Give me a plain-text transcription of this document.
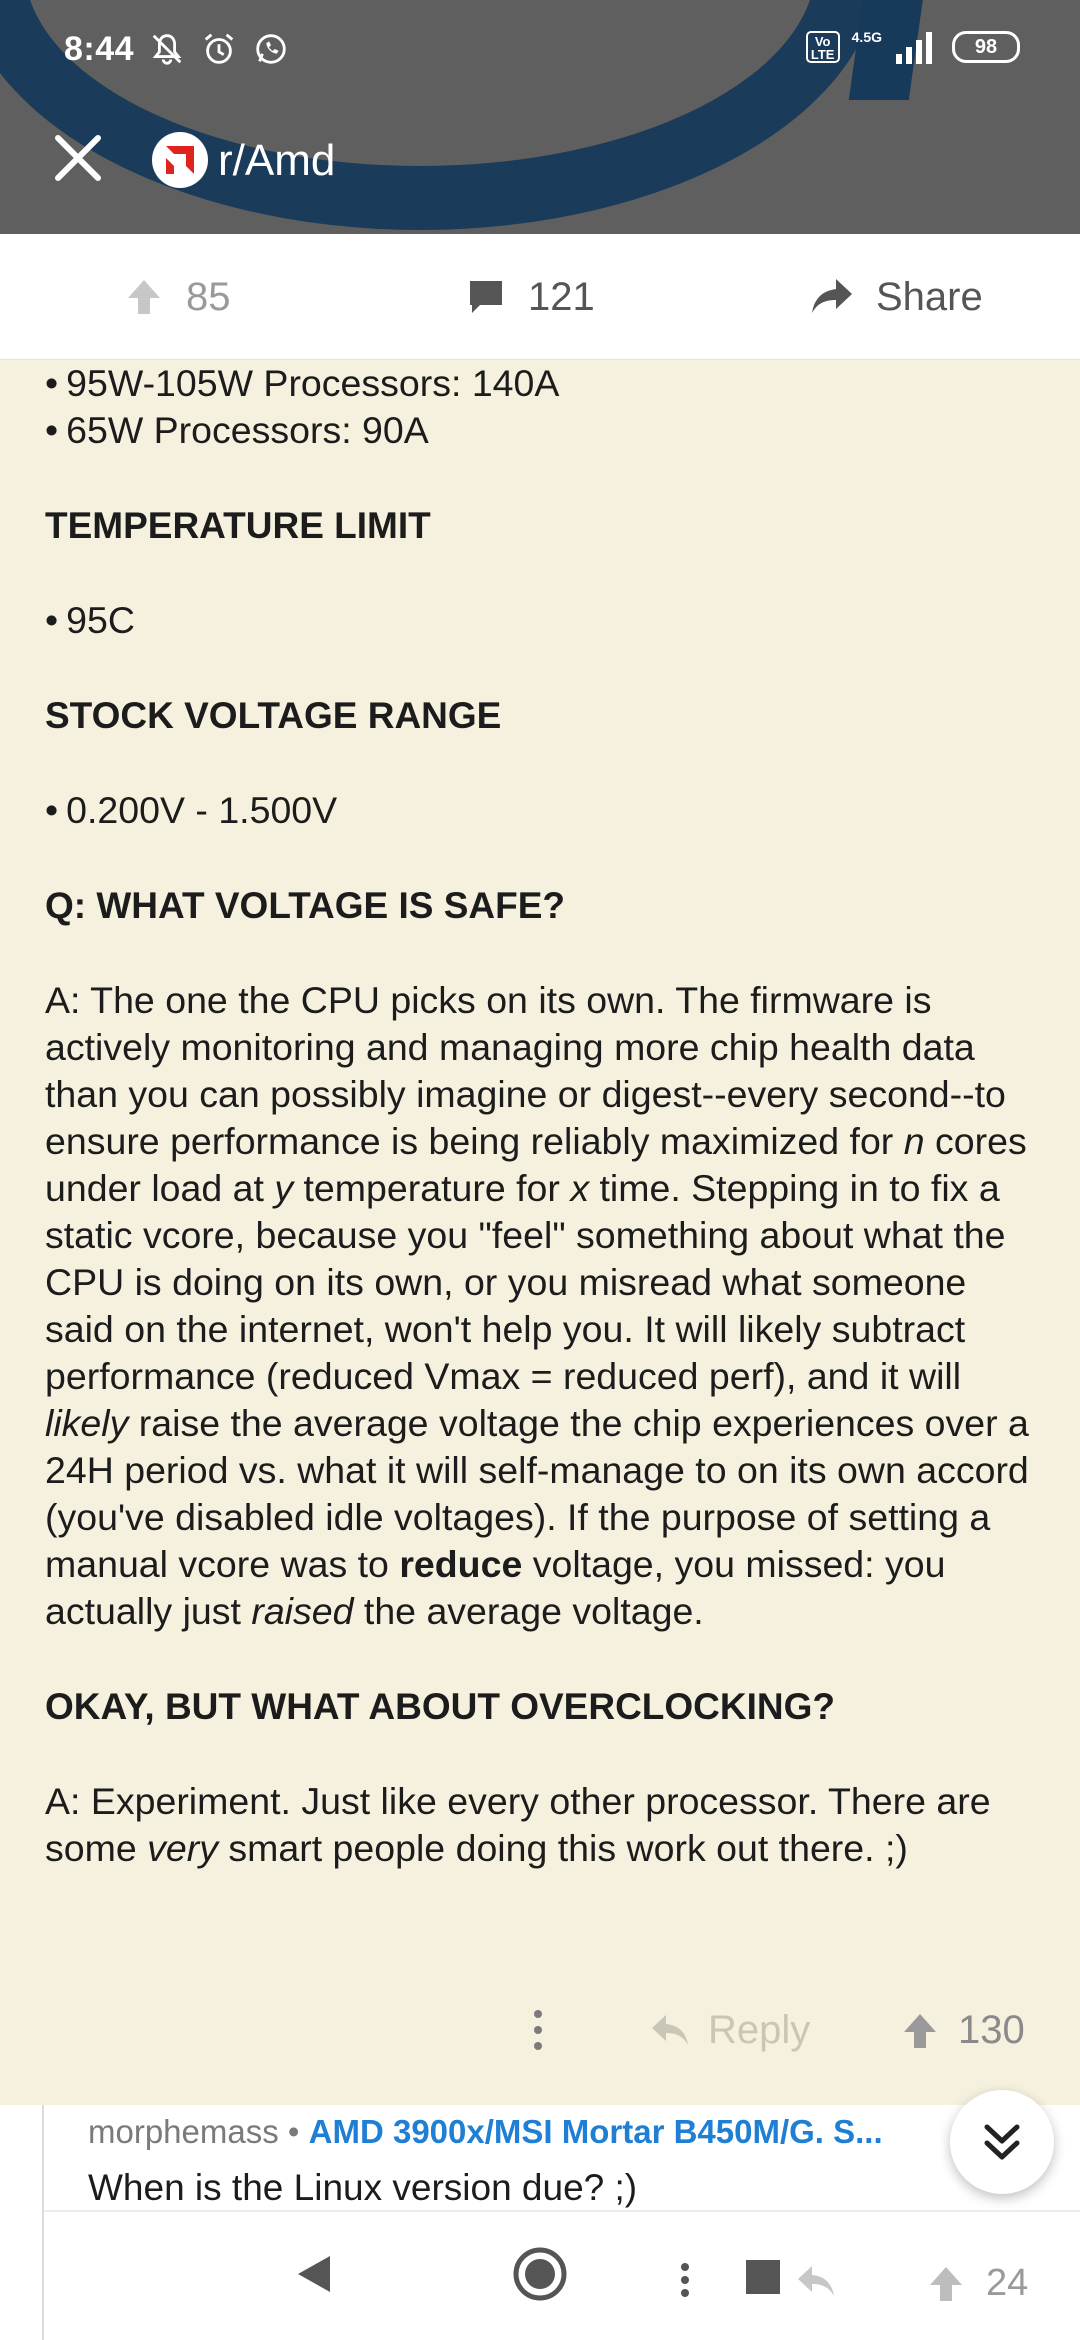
8:44	Vo LTE
4.5G	98
r/Amd
85	121	Share

• 95W-105W Processors: 140A

• 65W Processors: 90A

TEMPERATURE LIMIT

• 95C

STOCK VOLTAGE RANGE

• 0.200V - 1.500V

Q: WHAT VOLTAGE IS SAFE?

A: The one the CPU picks on its own. The firmware is actively monitoring and managing more chip health data than you can possibly imagine or digest--every second--to ensure performance is being reliably maximized for n cores under load at y temperature for x time. Stepping in to fix a static vcore, because you "feel" something about what the CPU is doing on its own, or you misread what someone said on the internet, won't help you. It will likely subtract performance (reduced Vmax = reduced perf), and it will likely raise the average voltage the chip experiences over a 24H period vs. what it will self-manage to on its own accord (you've disabled idle voltages). If the purpose of setting a manual vcore was to reduce voltage, you missed: you actually just raised the average voltage.

OKAY, BUT WHAT ABOUT OVERCLOCKING?

A: Experiment. Just like every other processor. There are some very smart people doing this work out there. ;)

Reply	130
morphemass • AMD 3900x/MSI Mortar B450M/G. S...
When is the Linux version due? ;)
24
